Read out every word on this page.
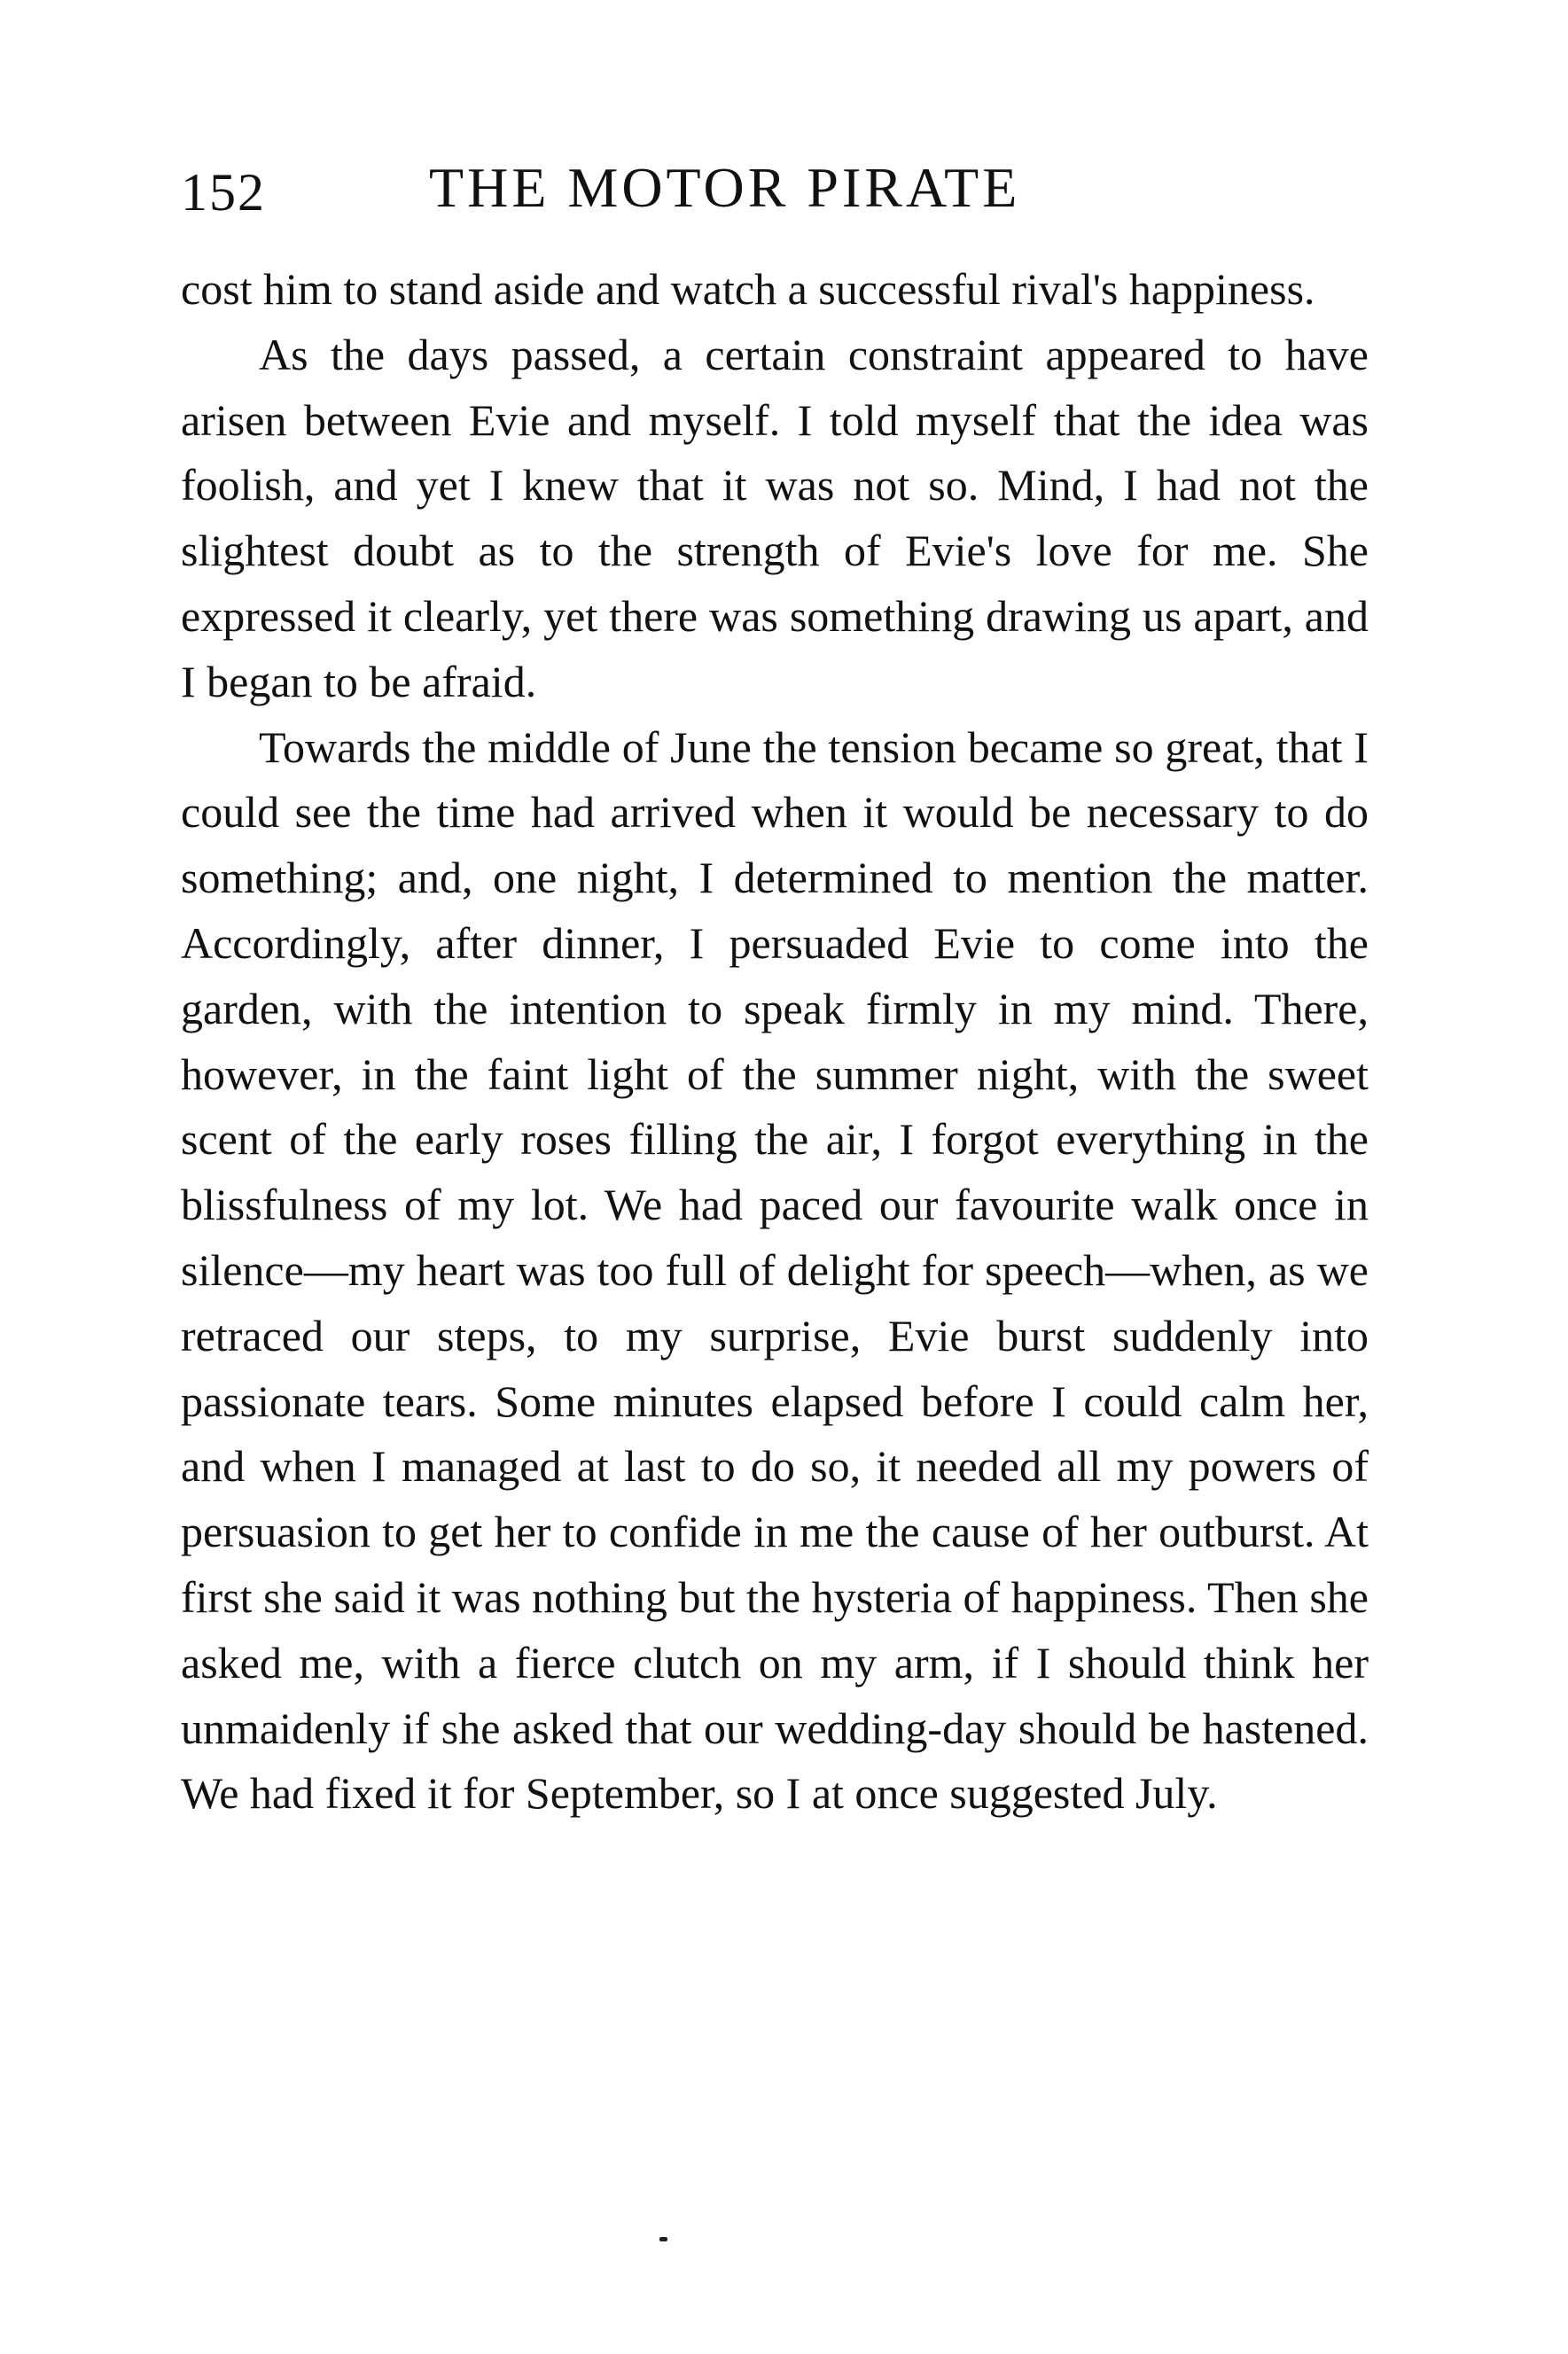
152	THE MOTOR PIRATE

cost him to stand aside and watch a successful rival's happiness.

As the days passed, a certain constraint appeared to have arisen between Evie and myself. I told myself that the idea was foolish, and yet I knew that it was not so. Mind, I had not the slightest doubt as to the strength of Evie's love for me. She expressed it clearly, yet there was something drawing us apart, and I began to be afraid.

Towards the middle of June the tension became so great, that I could see the time had arrived when it would be necessary to do something; and, one night, I determined to mention the matter. Accordingly, after dinner, I persuaded Evie to come into the garden, with the intention to speak firmly in my mind. There, however, in the faint light of the summer night, with the sweet scent of the early roses filling the air, I forgot everything in the blissfulness of my lot. We had paced our favourite walk once in silence—my heart was too full of delight for speech—when, as we retraced our steps, to my surprise, Evie burst suddenly into passionate tears. Some minutes elapsed before I could calm her, and when I managed at last to do so, it needed all my powers of persuasion to get her to confide in me the cause of her outburst. At first she said it was nothing but the hysteria of happiness. Then she asked me, with a fierce clutch on my arm, if I should think her unmaidenly if she asked that our wedding-day should be hastened. We had fixed it for September, so I at once suggested July.
